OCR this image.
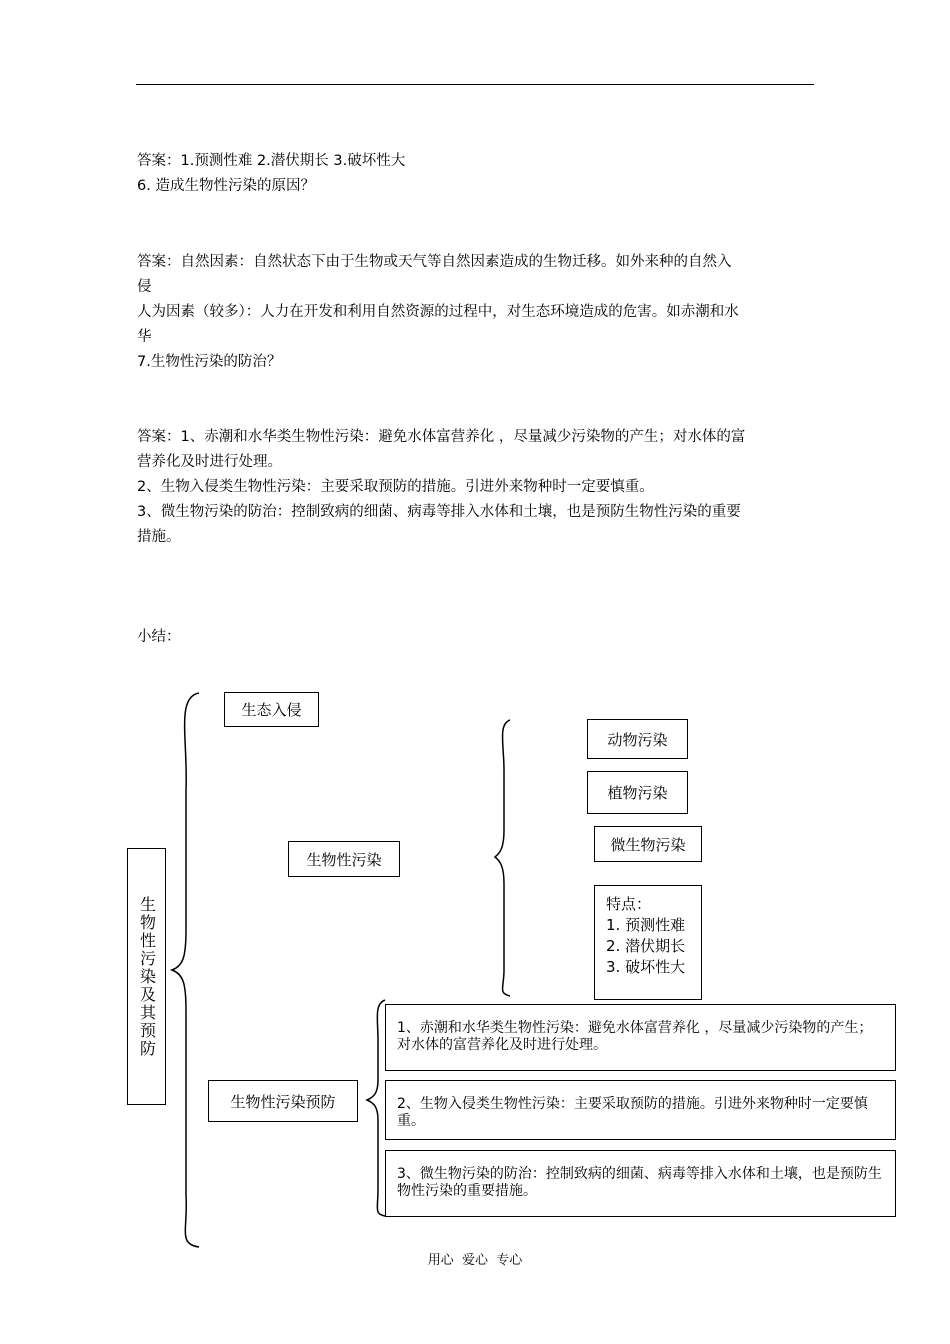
答案：1.预测性难 2.潜伏期长 3.破坏性大
6. 造成生物性污染的原因？
答案：自然因素：自然状态下由于生物或天气等自然因素造成的生物迁移。如外来种的自然入
侵
人为因素（较多）：人力在开发和利用自然资源的过程中，对生态环境造成的危害。如赤潮和水
华
7.生物性污染的防治？
答案：1、赤潮和水华类生物性污染：避免水体富营养化 ，尽量减少污染物的产生；对水体的富
营养化及时进行处理。
2、生物入侵类生物性污染：主要采取预防的措施。引进外来物种时一定要慎重。
3、微生物污染的防治：控制致病的细菌、病毒等排入水体和土壤，也是预防生物性污染的重要
措施。
小结：
生物性污染及其预防
生态入侵
生物性污染
动物污染
植物污染
微生物污染
特点：
1. 预测性难
2. 潜伏期长
3. 破坏性大
生物性污染预防
1、赤潮和水华类生物性污染：避免水体富营养化 ，尽量减少污染物的产生；对水体的富营养化及时进行处理。
2、生物入侵类生物性污染：主要采取预防的措施。引进外来物种时一定要慎重。
3、微生物污染的防治：控制致病的细菌、病毒等排入水体和土壤，也是预防生物性污染的重要措施。
用心  爱心  专心
